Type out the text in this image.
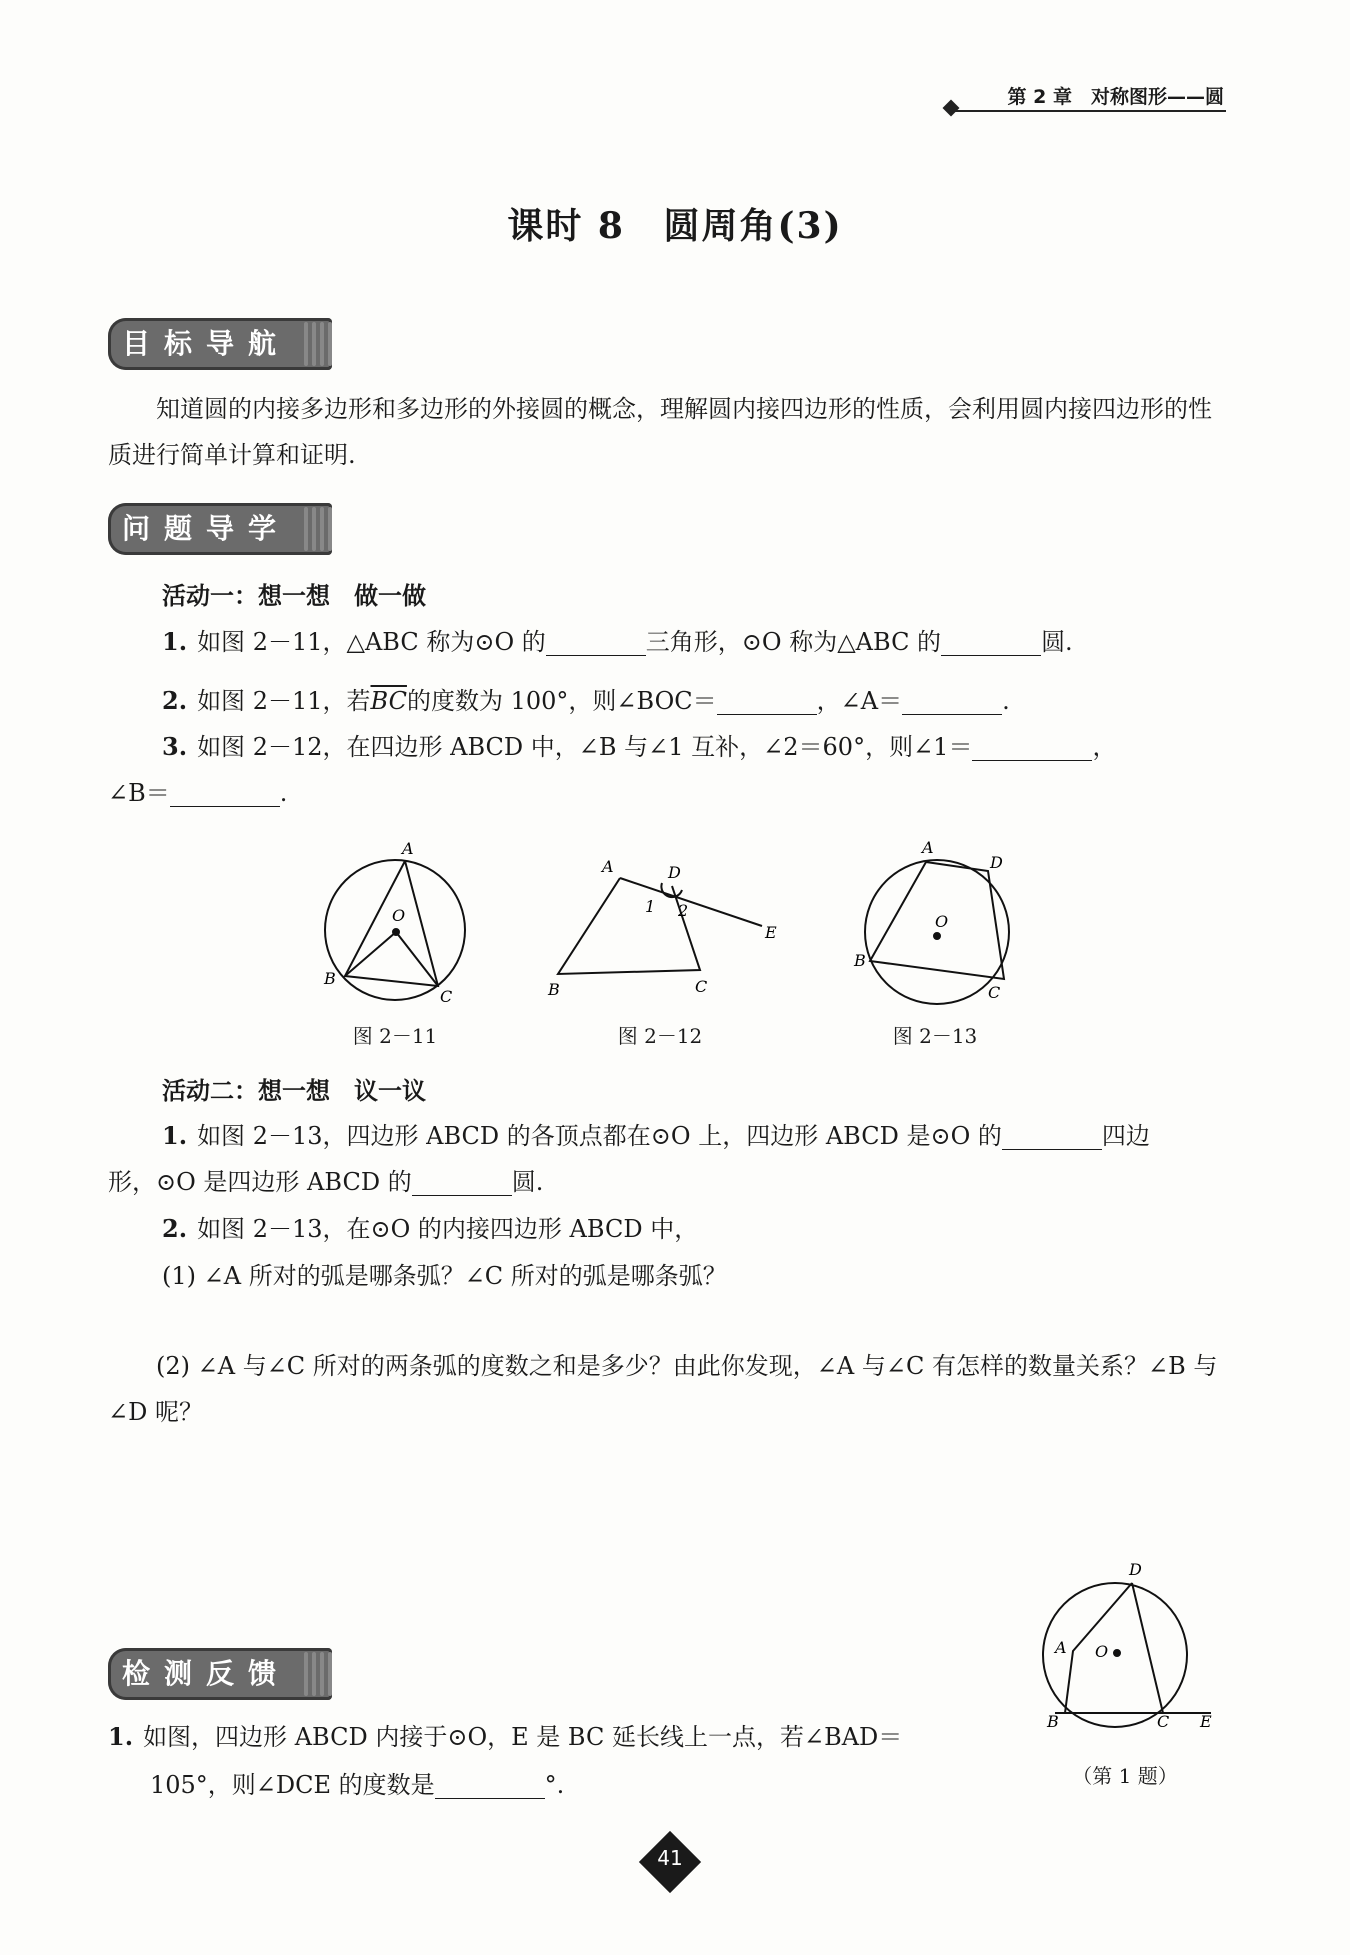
第 2 章　对称图形——圆
课时 8 圆周角(3)
目标导航
知道圆的内接多边形和多边形的外接圆的概念，理解圆内接四边形的性质，会利用圆内接四边形的性质进行简单计算和证明.
问题导学
活动一：想一想　做一做
1. 如图 2－11，△ABC 称为⊙O 的	三角形，⊙O 称为△ABC 的	圆.
2. 如图 2－11，若$\overline{BC}$的度数为 100°，则∠BOC＝	，∠A＝	.
3. 如图 2－12，在四边形 ABCD 中，∠B 与∠1 互补，∠2＝60°，则∠1＝	，
∠B＝	.
A
O
B
C
A	D
1 2
E
B	C
A
D
O
B
C
图 2－11	图 2－12	图 2－13
活动二：想一想　议一议
1. 如图 2－13，四边形 ABCD 的各顶点都在⊙O 上，四边形 ABCD 是⊙O 的	四边
形，⊙O 是四边形 ABCD 的	圆.
2. 如图 2－13，在⊙O 的内接四边形 ABCD 中，
(1) ∠A 所对的弧是哪条弧？∠C 所对的弧是哪条弧？
(2) ∠A 与∠C 所对的两条弧的度数之和是多少？由此你发现，∠A 与∠C 有怎样的数量关系？∠B 与∠D 呢？
检测反馈
1. 如图，四边形 ABCD 内接于⊙O，E 是 BC 延长线上一点，若∠BAD＝
105°，则∠DCE 的度数是	°.
D
A O
B	C E
（第 1 题）
41
